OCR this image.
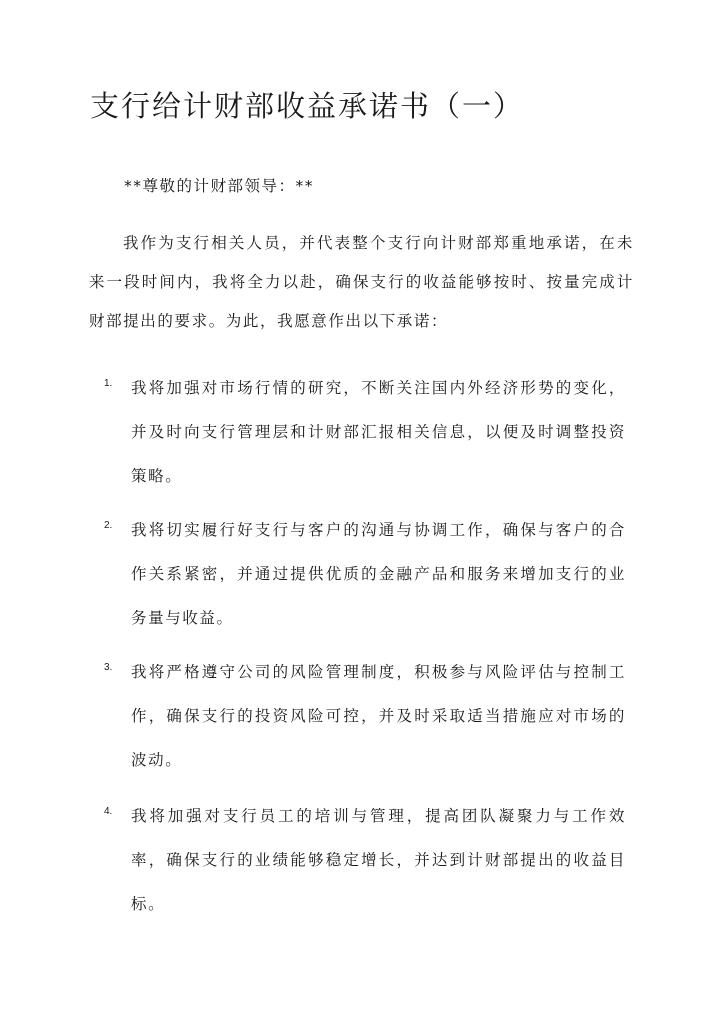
支行给计财部收益承诺书（一）
**尊敬的计财部领导：**
我作为支行相关人员，并代表整个支行向计财部郑重地承诺，在未来一段时间内，我将全力以赴，确保支行的收益能够按时、按量完成计财部提出的要求。为此，我愿意作出以下承诺：
1. 我将加强对市场行情的研究，不断关注国内外经济形势的变化，并及时向支行管理层和计财部汇报相关信息，以便及时调整投资策略。
2. 我将切实履行好支行与客户的沟通与协调工作，确保与客户的合作关系紧密，并通过提供优质的金融产品和服务来增加支行的业务量与收益。
3. 我将严格遵守公司的风险管理制度，积极参与风险评估与控制工作，确保支行的投资风险可控，并及时采取适当措施应对市场的波动。
4. 我将加强对支行员工的培训与管理，提高团队凝聚力与工作效率，确保支行的业绩能够稳定增长，并达到计财部提出的收益目标。
